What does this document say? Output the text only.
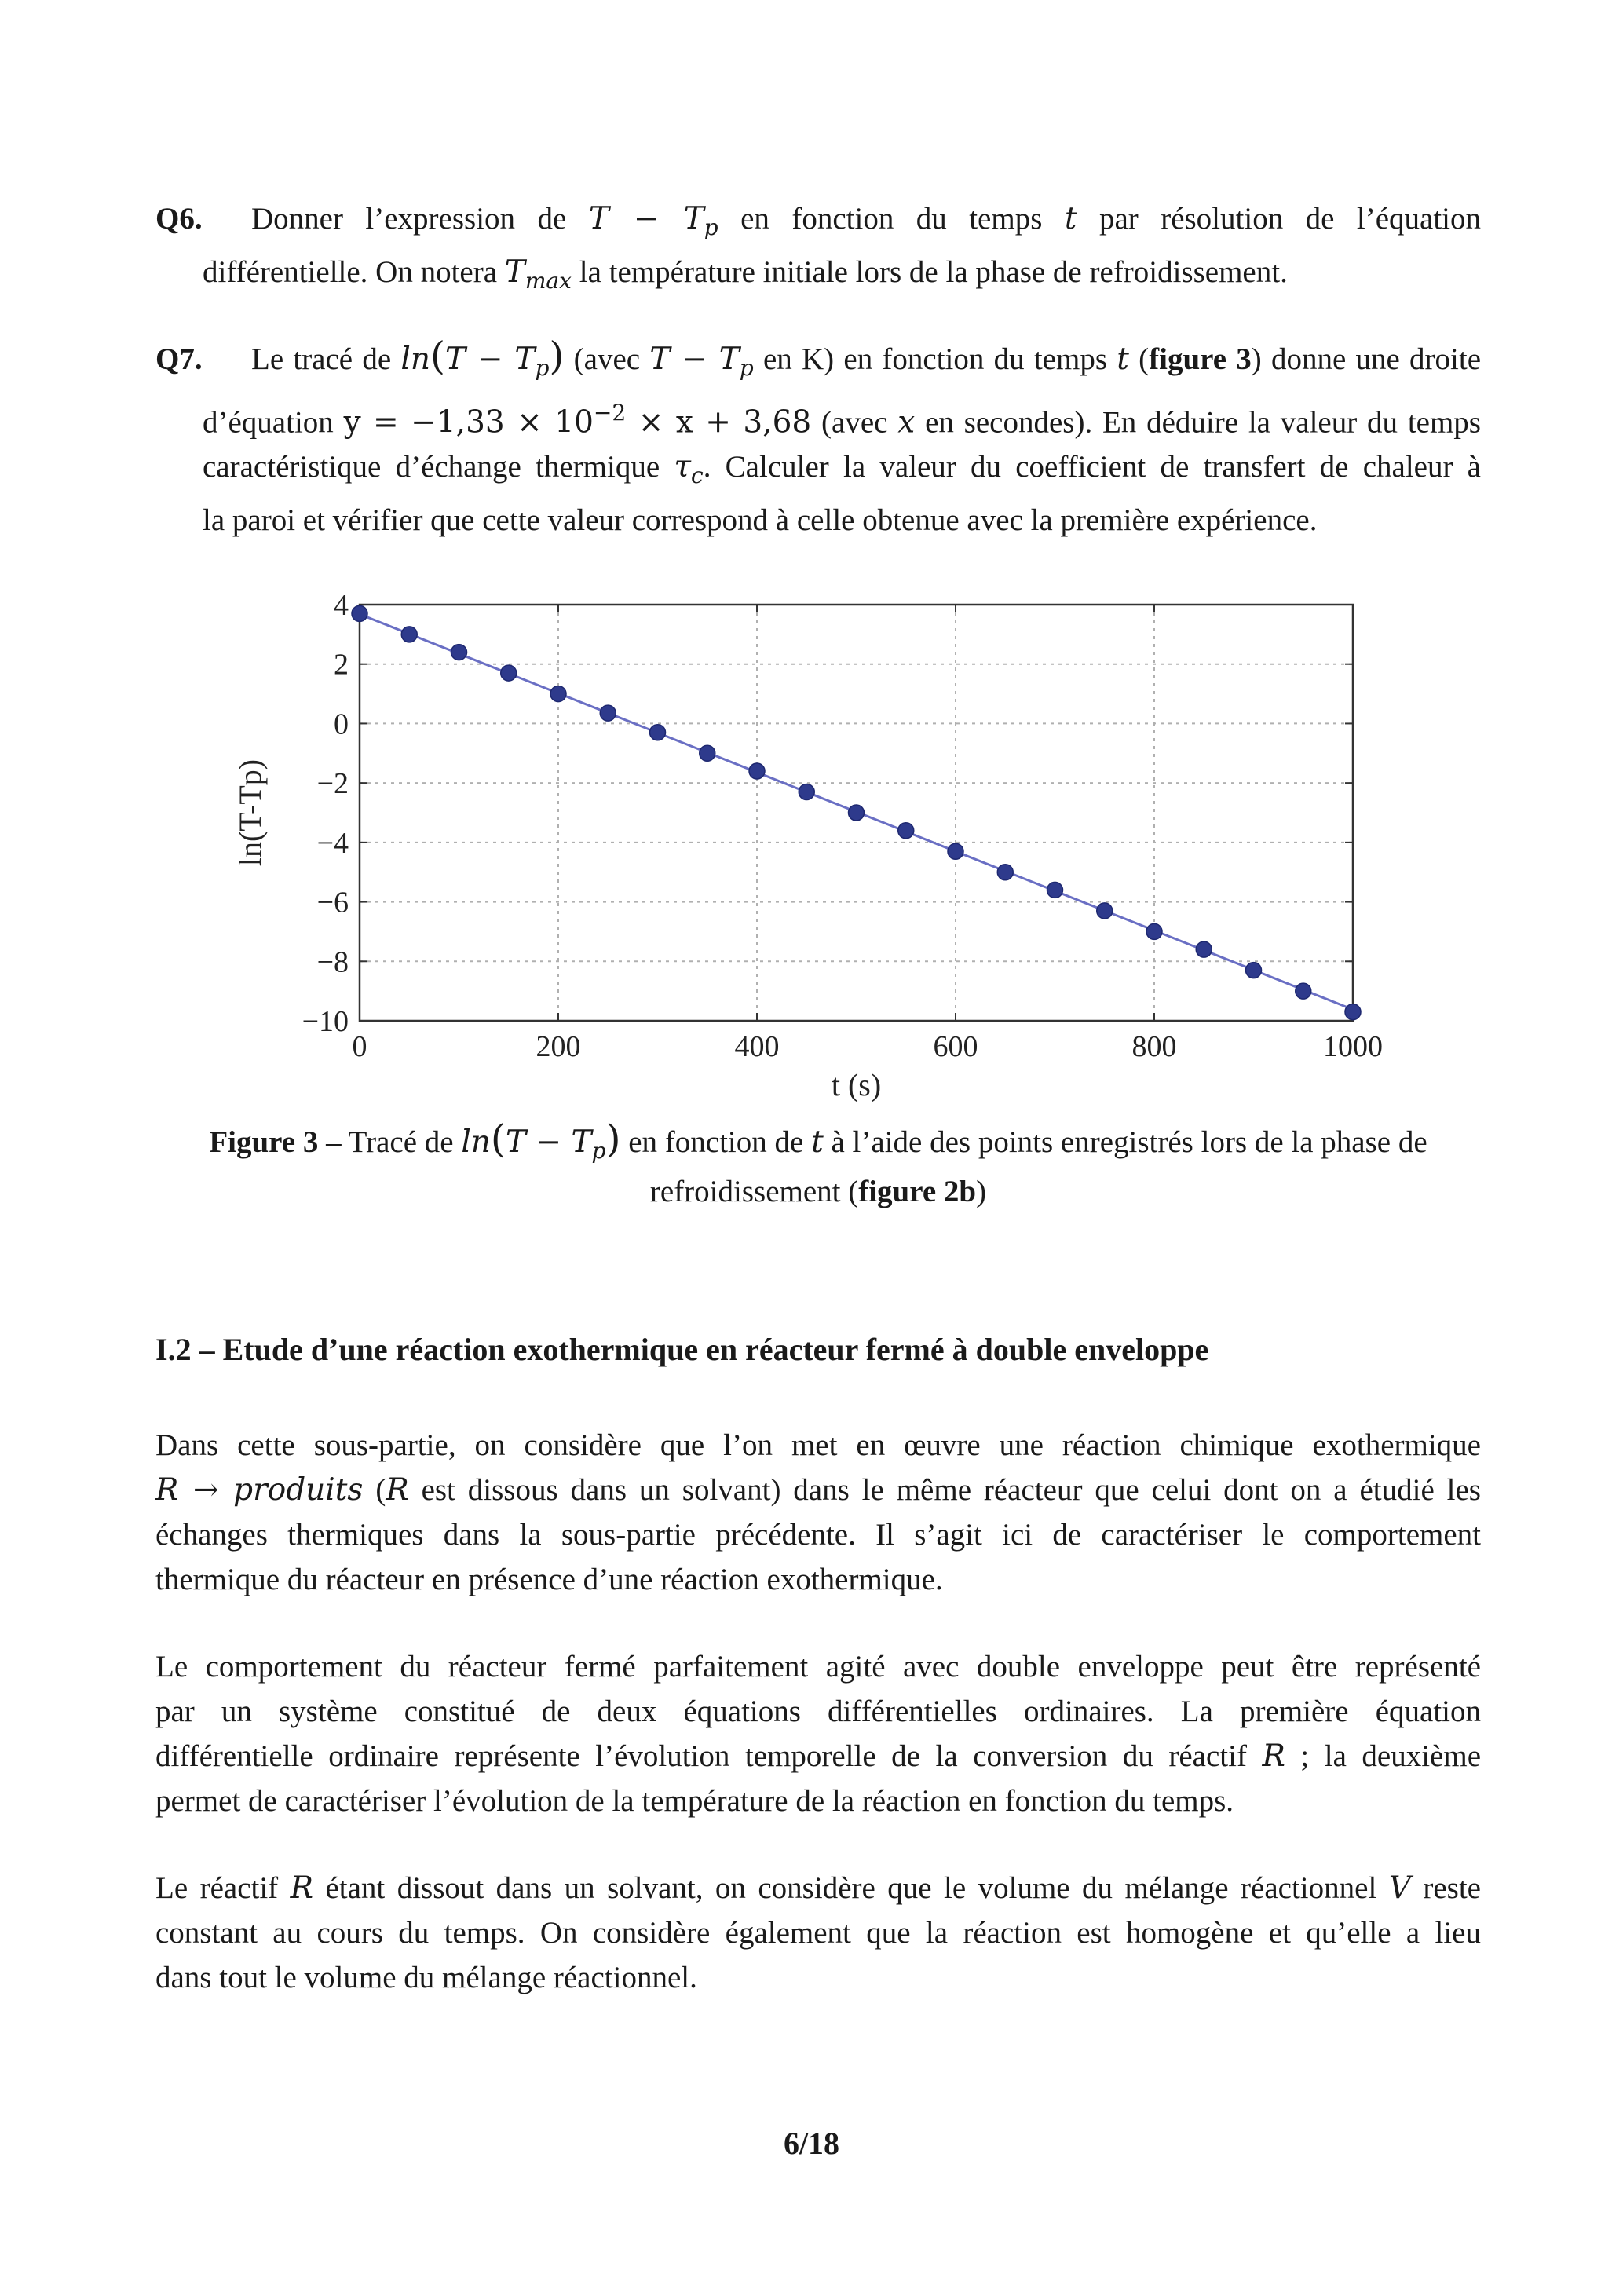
Q6. Donner l’expression de $T - T_p$ en fonction du temps t par résolution de l’équation
différentielle. On notera $T_{max}$ la température initiale lors de la phase de refroidissement.
Q7. Le tracé de $\ln(T - T_p)$ (avec $T - T_p$ en K) en fonction du temps t (figure 3) donne une droite
d’équation $y = -1,33 \times 10^{-2} \times x + 3,68$ (avec x en secondes). En déduire la valeur du temps
caractéristique d’échange thermique $\tau_c$. Calculer la valeur du coefficient de transfert de chaleur à
la paroi et vérifier que cette valeur correspond à celle obtenue avec la première expérience.
0	200	400	600	800	1000
4
2
0
−2
−4
−6
−8
−10
t (s)
ln(T-Tp)
Figure 3 – Tracé de $\ln(T - T_p)$ en fonction de t à l’aide des points enregistrés lors de la phase de
refroidissement (figure 2b)
I.2 – Etude d’une réaction exothermique en réacteur fermé à double enveloppe
Dans cette sous-partie, on considère que l’on met en œuvre une réaction chimique exothermique
R → produits (R est dissous dans un solvant) dans le même réacteur que celui dont on a étudié les
échanges thermiques dans la sous-partie précédente. Il s’agit ici de caractériser le comportement
thermique du réacteur en présence d’une réaction exothermique.
Le comportement du réacteur fermé parfaitement agité avec double enveloppe peut être représenté
par un système constitué de deux équations différentielles ordinaires. La première équation
différentielle ordinaire représente l’évolution temporelle de la conversion du réactif R ; la deuxième
permet de caractériser l’évolution de la température de la réaction en fonction du temps.
Le réactif R étant dissout dans un solvant, on considère que le volume du mélange réactionnel V reste
constant au cours du temps. On considère également que la réaction est homogène et qu’elle a lieu
dans tout le volume du mélange réactionnel.
6/18
